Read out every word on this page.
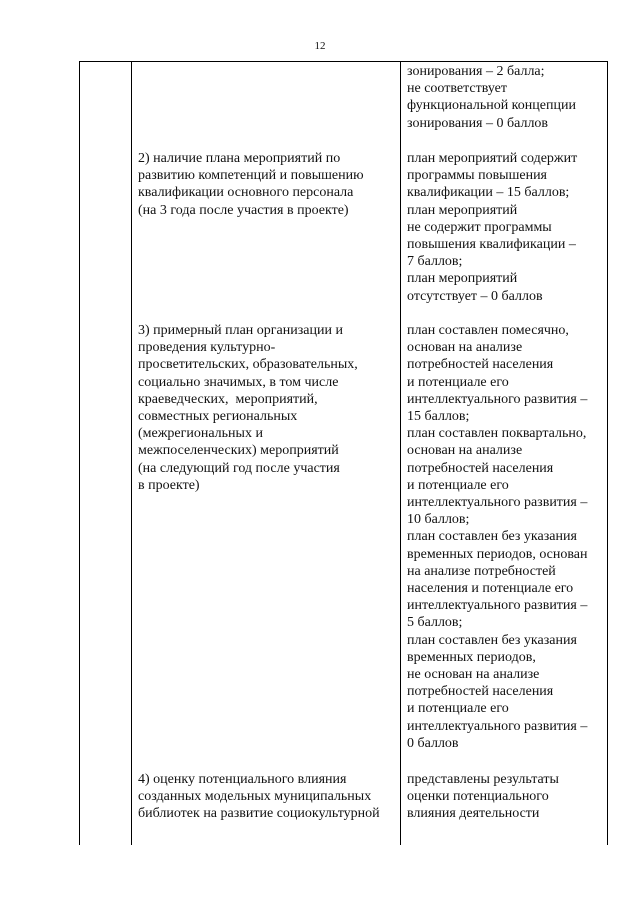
12
зонирования – 2 балла;
не соответствует
функциональной концепции
зонирования – 0 баллов
2) наличие плана мероприятий по
развитию компетенций и повышению
квалификации основного персонала
(на 3 года после участия в проекте)
план мероприятий содержит
программы повышения
квалификации – 15 баллов;
план мероприятий
не содержит программы
повышения квалификации –
7 баллов;
план мероприятий
отсутствует – 0 баллов
3) примерный план организации и
проведения культурно-
просветительских, образовательных,
социально значимых, в том числе
краеведческих,  мероприятий,
совместных региональных
(межрегиональных и
межпоселенческих) мероприятий
(на следующий год после участия
в проекте)
план составлен помесячно,
основан на анализе
потребностей населения
и потенциале его
интеллектуального развития –
15 баллов;
план составлен поквартально,
основан на анализе
потребностей населения
и потенциале его
интеллектуального развития –
10 баллов;
план составлен без указания
временных периодов, основан
на анализе потребностей
населения и потенциале его
интеллектуального развития –
5 баллов;
план составлен без указания
временных периодов,
не основан на анализе
потребностей населения
и потенциале его
интеллектуального развития –
0 баллов
4) оценку потенциального влияния
созданных модельных муниципальных
библиотек на развитие социокультурной
представлены результаты
оценки потенциального
влияния деятельности
